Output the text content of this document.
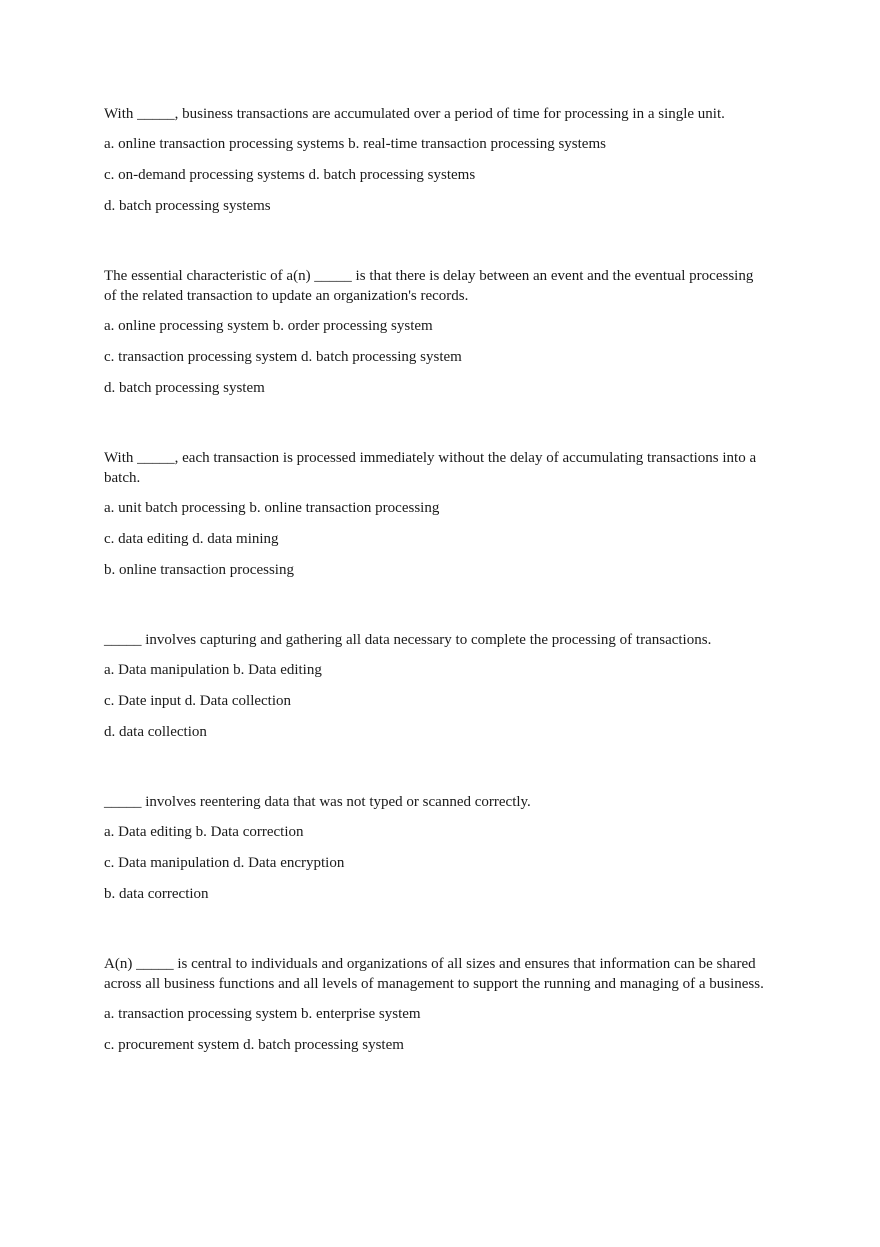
With _____, business transactions are accumulated over a period of time for processing in a single unit.

a. online transaction processing systems b. real-time transaction processing systems

c. on-demand processing systems d. batch processing systems

d. batch processing systems

The essential characteristic of a(n) _____ is that there is delay between an event and the eventual processing of the related transaction to update an organization's records.

a. online processing system b. order processing system

c. transaction processing system d. batch processing system

d. batch processing system

With _____, each transaction is processed immediately without the delay of accumulating transactions into a batch.

a. unit batch processing b. online transaction processing

c. data editing d. data mining

b. online transaction processing

_____ involves capturing and gathering all data necessary to complete the processing of transactions.

a. Data manipulation b. Data editing

c. Date input d. Data collection

d. data collection

_____ involves reentering data that was not typed or scanned correctly.

a. Data editing b. Data correction

c. Data manipulation d. Data encryption

b. data correction

A(n) _____ is central to individuals and organizations of all sizes and ensures that information can be shared across all business functions and all levels of management to support the running and managing of a business.

a. transaction processing system b. enterprise system

c. procurement system d. batch processing system
